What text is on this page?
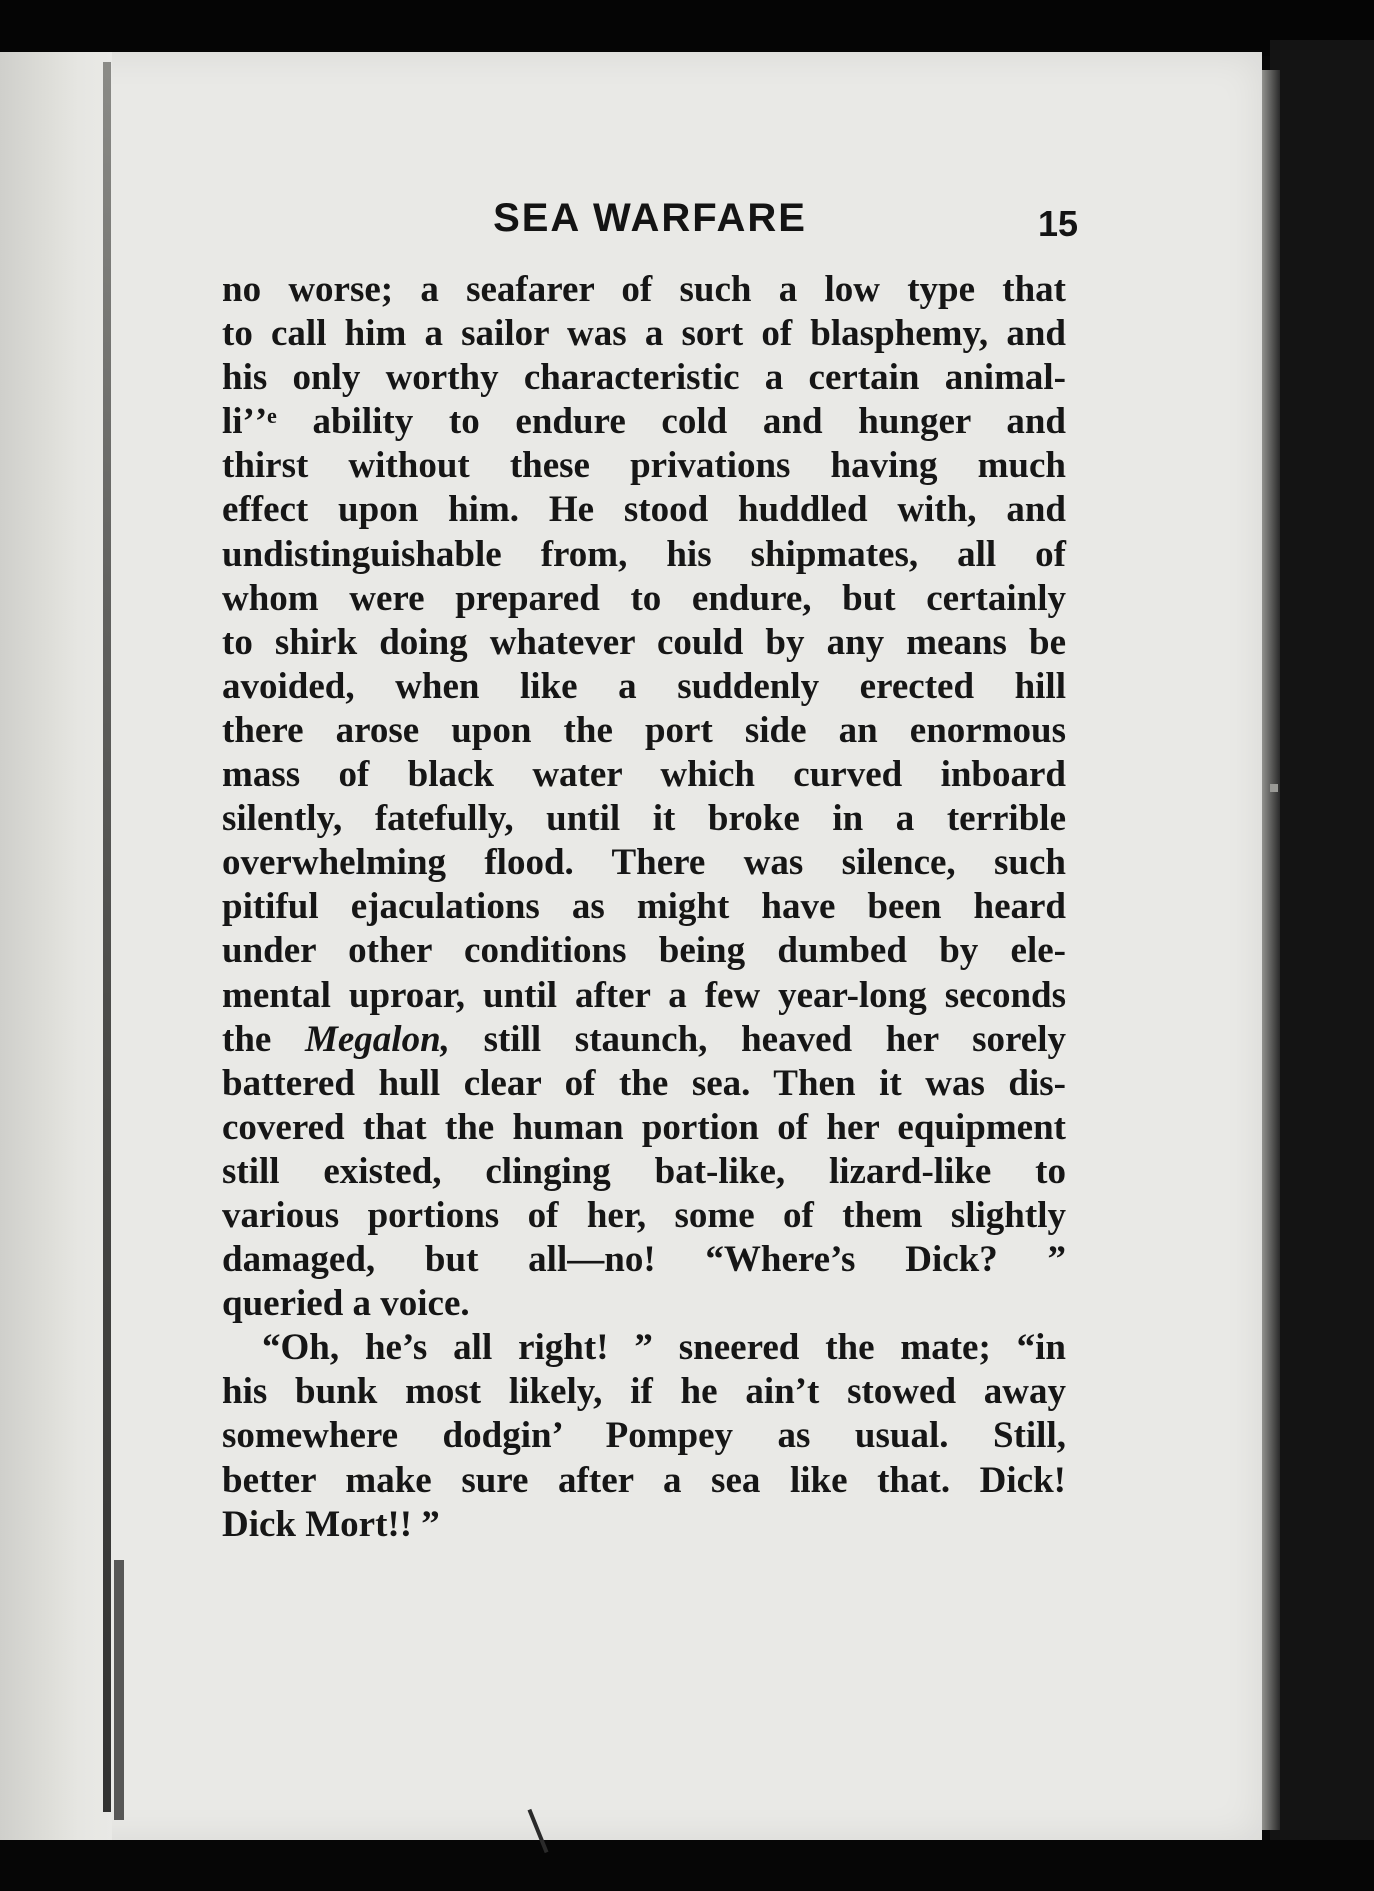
SEA WARFARE	15
no worse; a seafarer of such a low type that
to call him a sailor was a sort of blasphemy, and
his only worthy characteristic a certain animal-
liʼʼᵉ ability to endure cold and hunger and
thirst without these privations having much
effect upon him. He stood huddled with, and
undistinguishable from, his shipmates, all of
whom were prepared to endure, but certainly
to shirk doing whatever could by any means be
avoided, when like a suddenly erected hill
there arose upon the port side an enormous
mass of black water which curved inboard
silently, fatefully, until it broke in a terrible
overwhelming flood. There was silence, such
pitiful ejaculations as might have been heard
under other conditions being dumbed by ele-
mental uproar, until after a few year-long seconds
the Megalon, still staunch, heaved her sorely
battered hull clear of the sea. Then it was dis-
covered that the human portion of her equipment
still existed, clinging bat-like, lizard-like to
various portions of her, some of them slightly
damaged, but all—no! “Where’s Dick? ”
queried a voice.
“Oh, he’s all right! ” sneered the mate; “in
his bunk most likely, if he ain’t stowed away
somewhere dodgin’ Pompey as usual. Still,
better make sure after a sea like that. Dick!
Dick Mort!! ”
